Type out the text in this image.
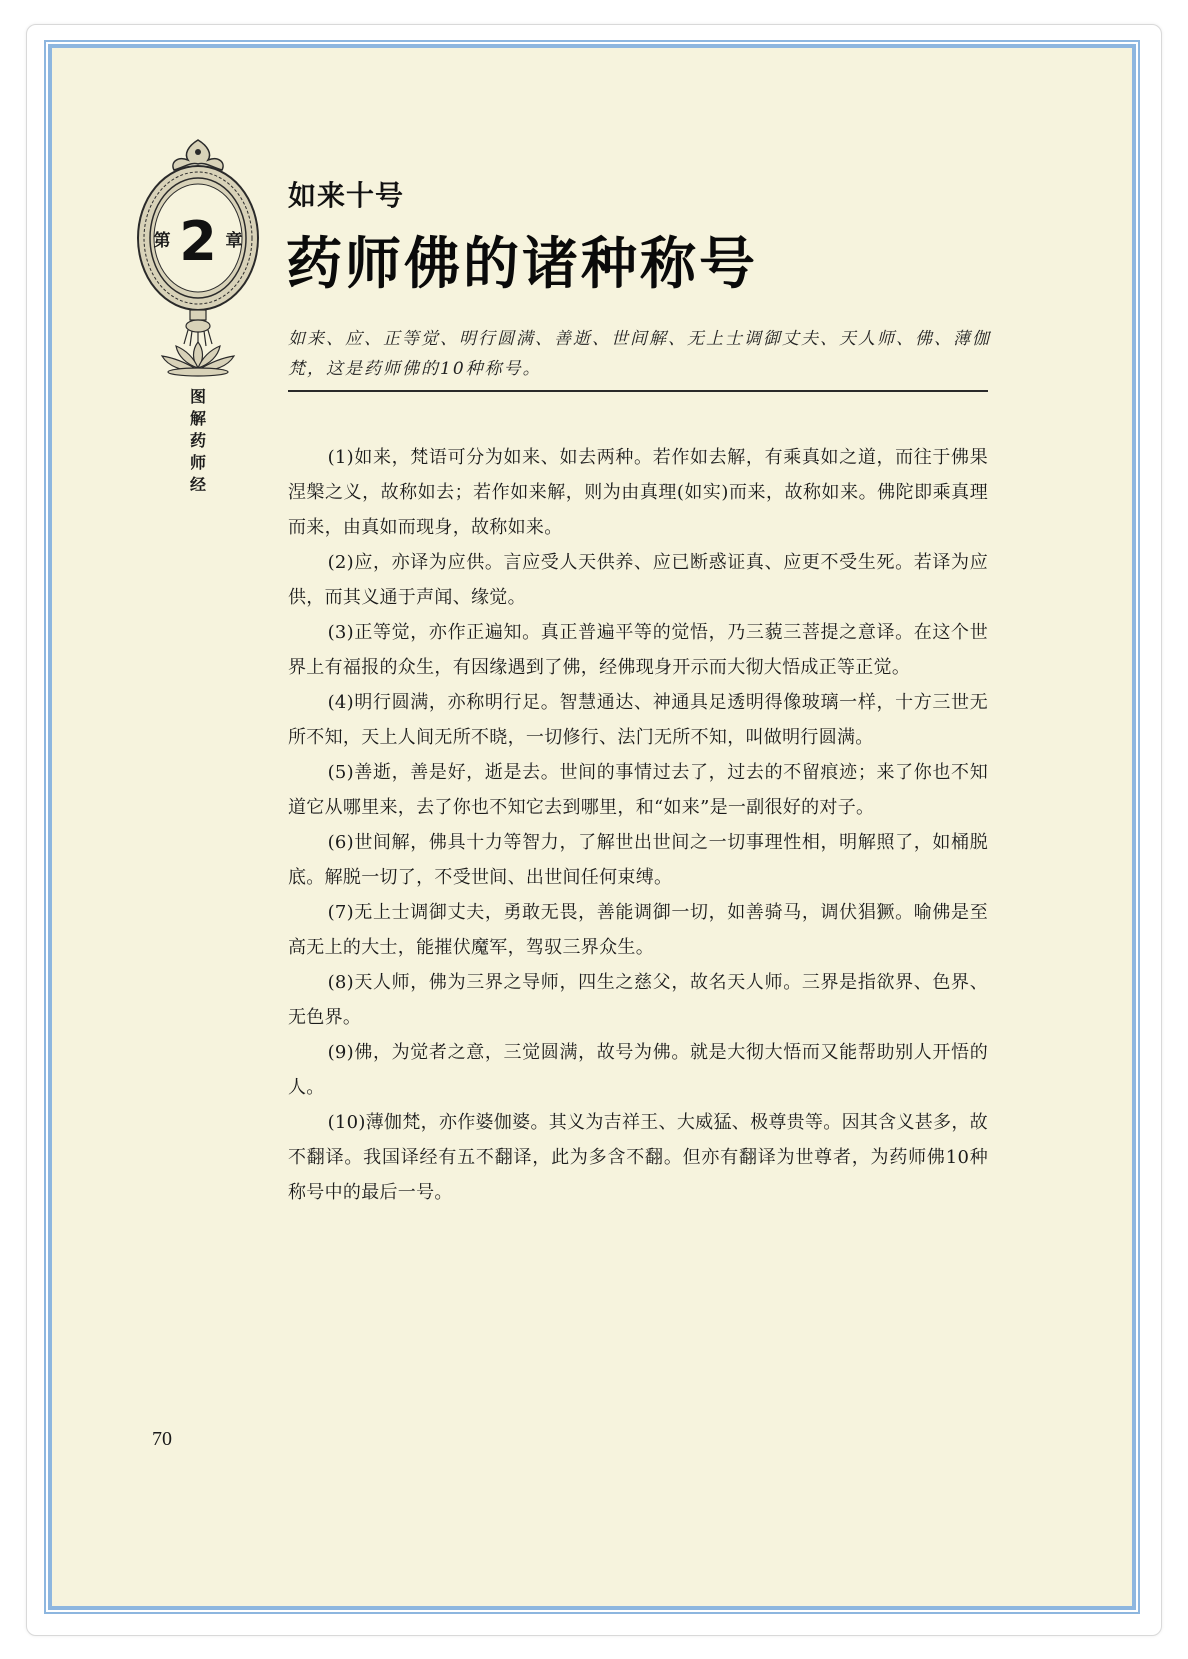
第 2 章
图
解
药
师
经
如来十号
药师佛的诸种称号

如来、应、正等觉、明行圆满、善逝、世间解、无上士调御丈夫、天人师、佛、薄伽梵，这是药师佛的10种称号。

(1)如来，梵语可分为如来、如去两种。若作如去解，有乘真如之道，而往于佛果涅槃之义，故称如去；若作如来解，则为由真理(如实)而来，故称如来。佛陀即乘真理而来，由真如而现身，故称如来。

(2)应，亦译为应供。言应受人天供养、应已断惑证真、应更不受生死。若译为应供，而其义通于声闻、缘觉。

(3)正等觉，亦作正遍知。真正普遍平等的觉悟，乃三藐三菩提之意译。在这个世界上有福报的众生，有因缘遇到了佛，经佛现身开示而大彻大悟成正等正觉。

(4)明行圆满，亦称明行足。智慧通达、神通具足透明得像玻璃一样，十方三世无所不知，天上人间无所不晓，一切修行、法门无所不知，叫做明行圆满。

(5)善逝，善是好，逝是去。世间的事情过去了，过去的不留痕迹；来了你也不知道它从哪里来，去了你也不知它去到哪里，和“如来”是一副很好的对子。

(6)世间解，佛具十力等智力，了解世出世间之一切事理性相，明解照了，如桶脱底。解脱一切了，不受世间、出世间任何束缚。

(7)无上士调御丈夫，勇敢无畏，善能调御一切，如善骑马，调伏猖獗。喻佛是至高无上的大士，能摧伏魔军，驾驭三界众生。

(8)天人师，佛为三界之导师，四生之慈父，故名天人师。三界是指欲界、色界、无色界。

(9)佛，为觉者之意，三觉圆满，故号为佛。就是大彻大悟而又能帮助别人开悟的人。

(10)薄伽梵，亦作婆伽婆。其义为吉祥王、大威猛、极尊贵等。因其含义甚多，故不翻译。我国译经有五不翻译，此为多含不翻。但亦有翻译为世尊者，为药师佛10种称号中的最后一号。

70
